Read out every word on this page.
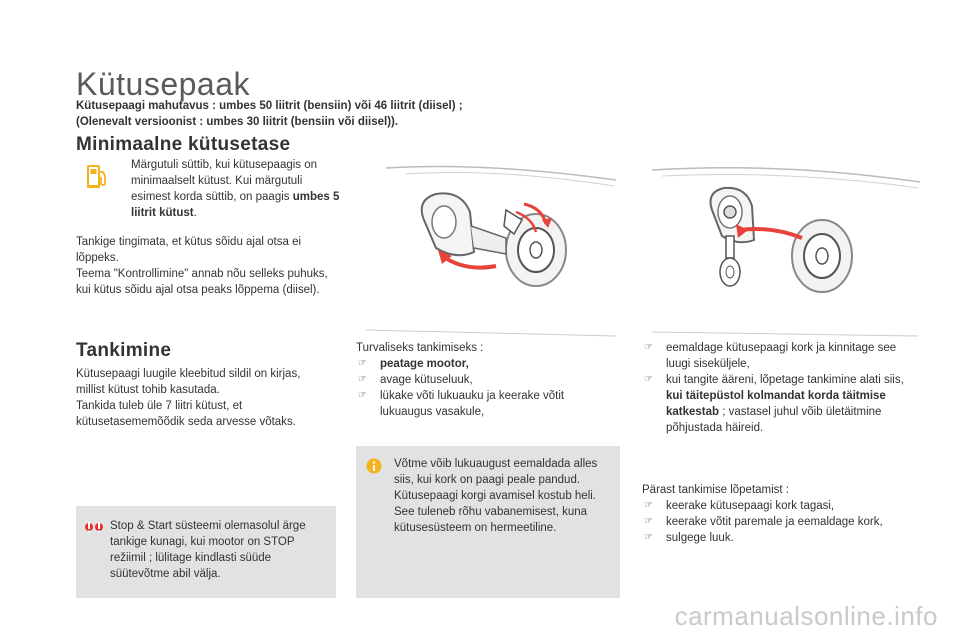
Kütusepaak
Kütusepaagi mahutavus : umbes 50 liitrit (bensiin) või 46 liitrit (diisel) ;
(Olenevalt versioonist : umbes 30 liitrit (bensiin või diisel)).
Minimaalne kütusetase
Märgutuli süttib, kui kütusepaagis on minimaalselt kütust. Kui märgutuli esimest korda süttib, on paagis umbes 5 liitrit kütust.
Tankige tingimata, et kütus sõidu ajal otsa ei lõppeks.
Teema "Kontrollimine" annab nõu selleks puhuks, kui kütus sõidu ajal otsa peaks lõppema (diisel).
Tankimine
Kütusepaagi luugile kleebitud sildil on kirjas, millist kütust tohib kasutada.
Tankida tuleb üle 7 liitri kütust, et kütusetasememõõdik seda arvesse võtaks.
Stop & Start süsteemi olemasolul ärge tankige kunagi, kui mootor on STOP režiimil ; lülitage kindlasti süüde süütevõtme abil välja.
Turvaliseks tankimiseks :
☞ peatage mootor,
☞ avage kütuseluuk,
☞ lükake võti lukuauku ja keerake võtit lukuaugus vasakule,
Võtme võib lukuaugust eemaldada alles siis, kui kork on paagi peale pandud. Kütusepaagi korgi avamisel kostub heli. See tuleneb rõhu vabanemisest, kuna kütusesüsteem on hermeetiline.
☞ eemaldage kütusepaagi kork ja kinnitage see luugi siseküljele,
☞ kui tangite ääreni, lõpetage tankimine alati siis, kui täitepüstol kolmandat korda täitmise katkestab ; vastasel juhul võib ületäitmine põhjustada häireid.
Pärast tankimise lõpetamist :
☞ keerake kütusepaagi kork tagasi,
☞ keerake võtit paremale ja eemaldage kork,
☞ sulgege luuk.
carmanualsonline.info
